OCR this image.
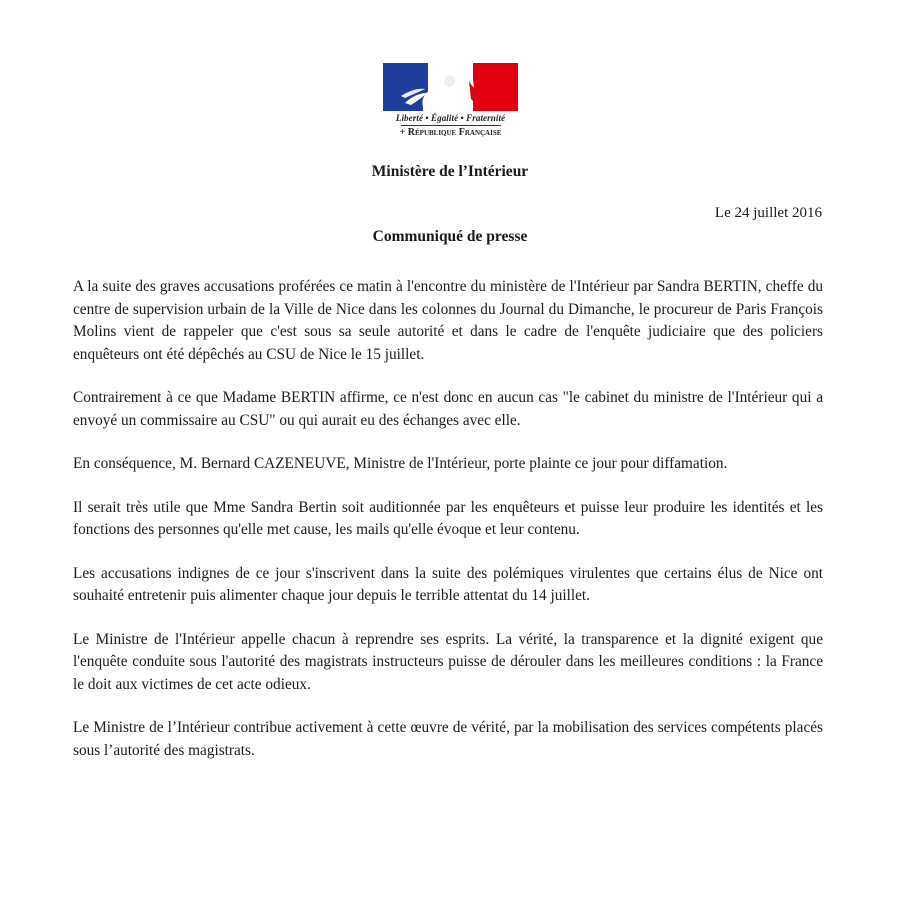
Liberté • Égalité • Fraternité
+ République Française
Ministère de l’Intérieur
Le 24 juillet 2016
Communiqué de presse

A la suite des graves accusations proférées ce matin à l'encontre du ministère de l'Intérieur par Sandra BERTIN, cheffe du centre de supervision urbain de la Ville de Nice dans les colonnes du Journal du Dimanche, le procureur de Paris François Molins vient de rappeler que c'est sous sa seule autorité et dans le cadre de l'enquête judiciaire que des policiers enquêteurs ont été dépêchés au CSU de Nice le 15 juillet.

Contrairement à ce que Madame BERTIN affirme, ce n'est donc en aucun cas "le cabinet du ministre de l'Intérieur qui a envoyé un commissaire au CSU" ou qui aurait eu des échanges avec elle.

En conséquence, M. Bernard CAZENEUVE, Ministre de l'Intérieur, porte plainte ce jour pour diffamation.

Il serait très utile que Mme Sandra Bertin soit auditionnée par les enquêteurs et puisse leur produire les identités et les fonctions des personnes qu'elle met cause, les mails qu'elle évoque et leur contenu.

Les accusations indignes de ce jour s'inscrivent dans la suite des polémiques virulentes que certains élus de Nice ont souhaité entretenir puis alimenter chaque jour depuis le terrible attentat du 14 juillet.

Le Ministre de l'Intérieur appelle chacun à reprendre ses esprits. La vérité, la transparence et la dignité exigent que l'enquête conduite sous l'autorité des magistrats instructeurs puisse de dérouler dans les meilleures conditions : la France le doit aux victimes de cet acte odieux.

Le Ministre de l’Intérieur contribue activement à cette œuvre de vérité, par la mobilisation des services compétents placés sous l’autorité des magistrats.
